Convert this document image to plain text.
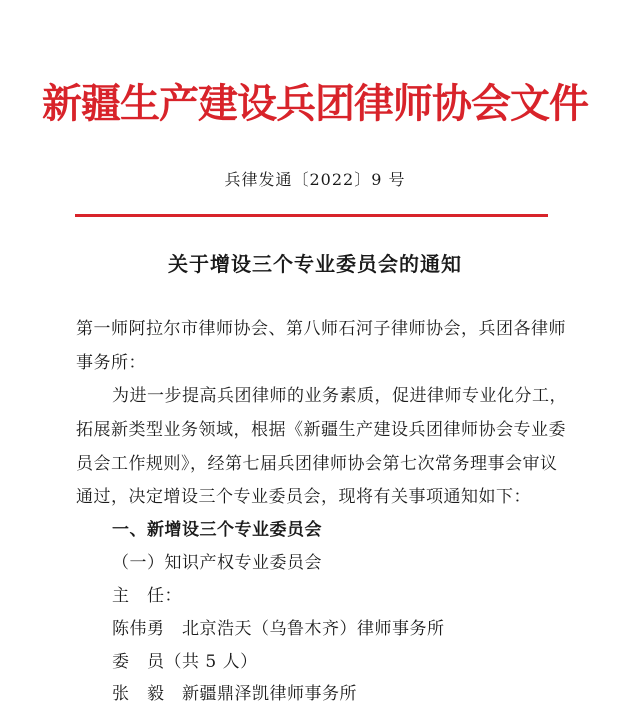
新疆生产建设兵团律师协会文件
兵律发通〔2022〕9 号
关于增设三个专业委员会的通知
第一师阿拉尔市律师协会、第八师石河子律师协会，兵团各律师
事务所：
为进一步提高兵团律师的业务素质，促进律师专业化分工，
拓展新类型业务领域，根据《新疆生产建设兵团律师协会专业委
员会工作规则》，经第七届兵团律师协会第七次常务理事会审议
通过，决定增设三个专业委员会，现将有关事项通知如下：
一、新增设三个专业委员会
（一）知识产权专业委员会
主　任：
陈伟勇　北京浩天（乌鲁木齐）律师事务所
委　员（共 5 人）
张　毅　新疆鼎泽凯律师事务所
